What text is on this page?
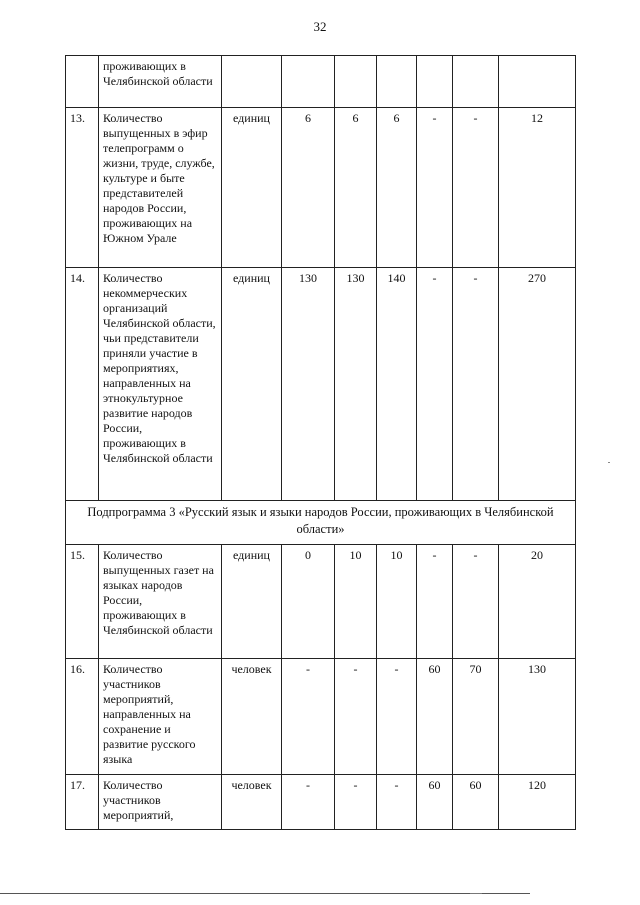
32
	проживающих в Челябинской области							
13.	Количество выпущенных в эфир телепрограмм о жизни, труде, службе, культуре и быте представителей народов России, проживающих на Южном Урале	единиц	6	6	6	-	-	12
14.	Количество некоммерческих организаций Челябинской области, чьи представители приняли участие в мероприятиях, направленных на этнокультурное развитие народов России, проживающих в Челябинской области	единиц	130	130	140	-	-	270
Подпрограмма 3 «Русский язык и языки народов России, проживающих в Челябинской области»								
15.	Количество выпущенных газет на языках народов России, проживающих в Челябинской области	единиц	0	10	10	-	-	20
16.	Количество участников мероприятий, направленных на сохранение и развитие русского языка	человек	-	-	-	60	70	130
17.	Количество участников мероприятий,	человек	-	-	-	60	60	120
